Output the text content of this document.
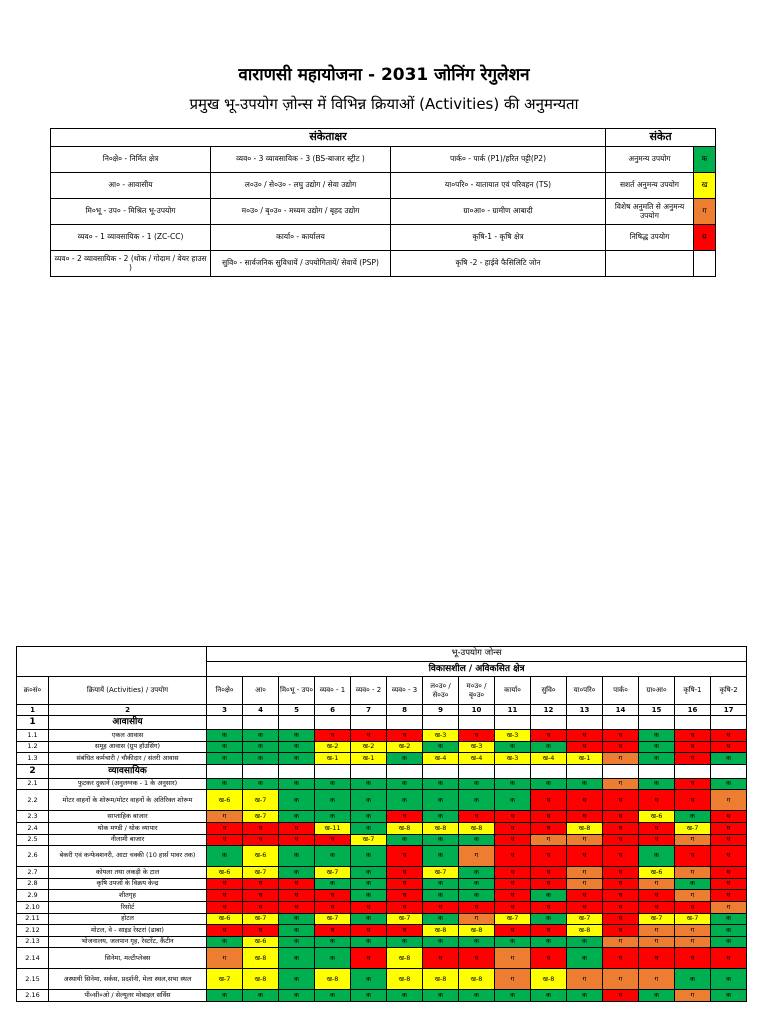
वाराणसी महायोजना - 2031 जोनिंग रेगुलेशन
प्रमुख भू-उपयोग ज़ोन्स में विभिन्न क्रियाओं (Activities) की अनुमन्यता
संकेताक्षर			संकेत	
नि०क्षे० - निर्मित क्षेत्र	व्यव० - 3 व्यावसायिक - 3 (BS-बाजार स्ट्रीट )	पार्क० - पार्क (P1)/हरित पट्टी(P2)	अनुमन्य उपयोग	क
आ० - आवासीय	ल०उ० / से०उ० - लघु उद्योग / सेवा उद्योग	या०परि० - यातायात एवं परिवहन (TS)	सशर्त अनुमन्य उपयोग	ख
मि०भू - उप० - मिश्रित भू-उपयोग	म०उ० / बृ०उ० - मध्यम उद्योग / बृहद उद्योग	ग्रा०आ० - ग्रामीण आबादी	विशेष अनुमति से अनुमन्य उपयोग	ग
व्यव० - 1 व्यावसायिक - 1 (ZC-CC)	कार्या० - कार्यालय	कृषि-1 - कृषि क्षेत्र	निषिद्ध उपयोग	घ
व्यव० - 2 व्यावसायिक - 2 (थोक / गोदाम / वेयर हाउस )	सुवि० - सार्वजनिक सुविधायें / उपयोगितायें/ सेवायें (PSP)	कृषि -2 - हाईवे फैसिलिटि जोन		
		भू-उपयोग जोन्स														
		विकासशील / अविकसित क्षेत्र														
क्र०सं०	क्रियायें (Activities) / उपयोग	नि०क्षे०	आ०	मि०भू - उप०	व्यव० - 1	व्यव० - 2	व्यव० - 3	ल०उ० / से०उ०	म०उ० / बृ०उ०	कार्या०	सुवि०	या०परि०	पार्क०	ग्रा०आ०	कृषि-1	कृषि-2
1	2	3	4	5	6	7	8	9	10	11	12	13	14	15	16	17
1	आवासीय															
1.1	एकल आवास	क	क	क	घ	घ	घ	ख-3	घ	ख-3	घ	घ	घ	क	घ	घ
1.2	समूह आवास (ग्रुप हॉउसिंग)	क	क	क	ख-2	ख-2	ख-2	क	ख-3	क	क	घ	घ	क	घ	घ
1.3	संबंधित कर्मचारी / चौकीदार / संतरी आवास	क	क	क	ख-1	ख-1	क	ख-4	ख-4	ख-3	ख-4	ख-1	ग	क	घ	क
2	व्यावसायिक															
2.1	फुटकर दुकानें (अनुलग्नक - 1 के अनुसार)	क	क	क	क	क	क	क	क	क	क	क	ग	क	घ	क
2.2	मोटर वाहनों के शोरूम/मोटर वाहनों के अतिरिक्त शोरूम	ख-6	ख-7	क	क	क	क	क	क	क	घ	घ	घ	घ	घ	ग
2.3	साप्ताहिक बाजार	ग	ख-7	क	क	क	घ	क	घ	घ	घ	घ	घ	ख-6	क	घ
2.4	थोक मण्डी / थोक व्यापार	घ	घ	घ	ख-11	क	ख-8	ख-8	ख-8	घ	घ	ख-8	घ	घ	ख-7	घ
2.5	नीलामी बाजार	घ	घ	घ	घ	ख-7	क	क	क	घ	ग	ग	घ	घ	ग	घ
2.6	बेकरी एवं कन्फेक्शनरी, आटा चक्की (10 हार्स पावर तक)	क	ख-6	क	क	क	घ	क	ग	घ	घ	घ	घ	क	घ	घ
2.7	कोयला तथा लकड़ी के टाल	ख-6	ख-7	क	ख-7	क	घ	ख-7	क	घ	घ	ग	घ	ख-6	ग	घ
2.8	कृषि उपजों के विक्रय केन्द्र	घ	घ	घ	क	क	घ	क	क	घ	घ	ग	घ	ग	क	घ
2.9	शीतगृह	घ	घ	घ	घ	क	घ	क	क	घ	क	घ	घ	घ	ग	घ
2.10	रिसोर्ट	घ	घ	घ	घ	घ	घ	घ	घ	घ	घ	घ	घ	घ	घ	ग
2.11	होटल	ख-6	ख-7	क	ख-7	क	ख-7	क	ग	ख-7	क	ख-7	घ	ख-7	ख-7	क
2.12	मोटल, वे - साइड रेस्टरां (ढाबा)	घ	घ	क	घ	घ	घ	ख-8	ख-8	घ	घ	ख-8	घ	ग	ग	क
2.13	भोजनालय, जलपान गृह, रेस्टरेंट, कैंटीन	क	ख-6	क	क	क	क	क	क	क	क	क	ग	ग	ग	क
2.14	सिनेमा, मल्टीप्लेक्स	ग	ख-8	क	क	घ	ख-8	घ	घ	ग	घ	क	घ	घ	घ	घ
2.15	अस्थायी सिनेमा, सर्कस, प्रदर्शनी, मेला स्थल,सभा स्थल	ख-7	ख-8	क	ख-8	क	ख-8	ख-8	ख-8	ग	ख-8	ग	ग	ग	क	क
2.16	पी०सी०ओ / सेल्यूलर मोबाइल सर्विस	क	क	क	क	क	क	क	क	क	क	क	घ	क	ग	क
